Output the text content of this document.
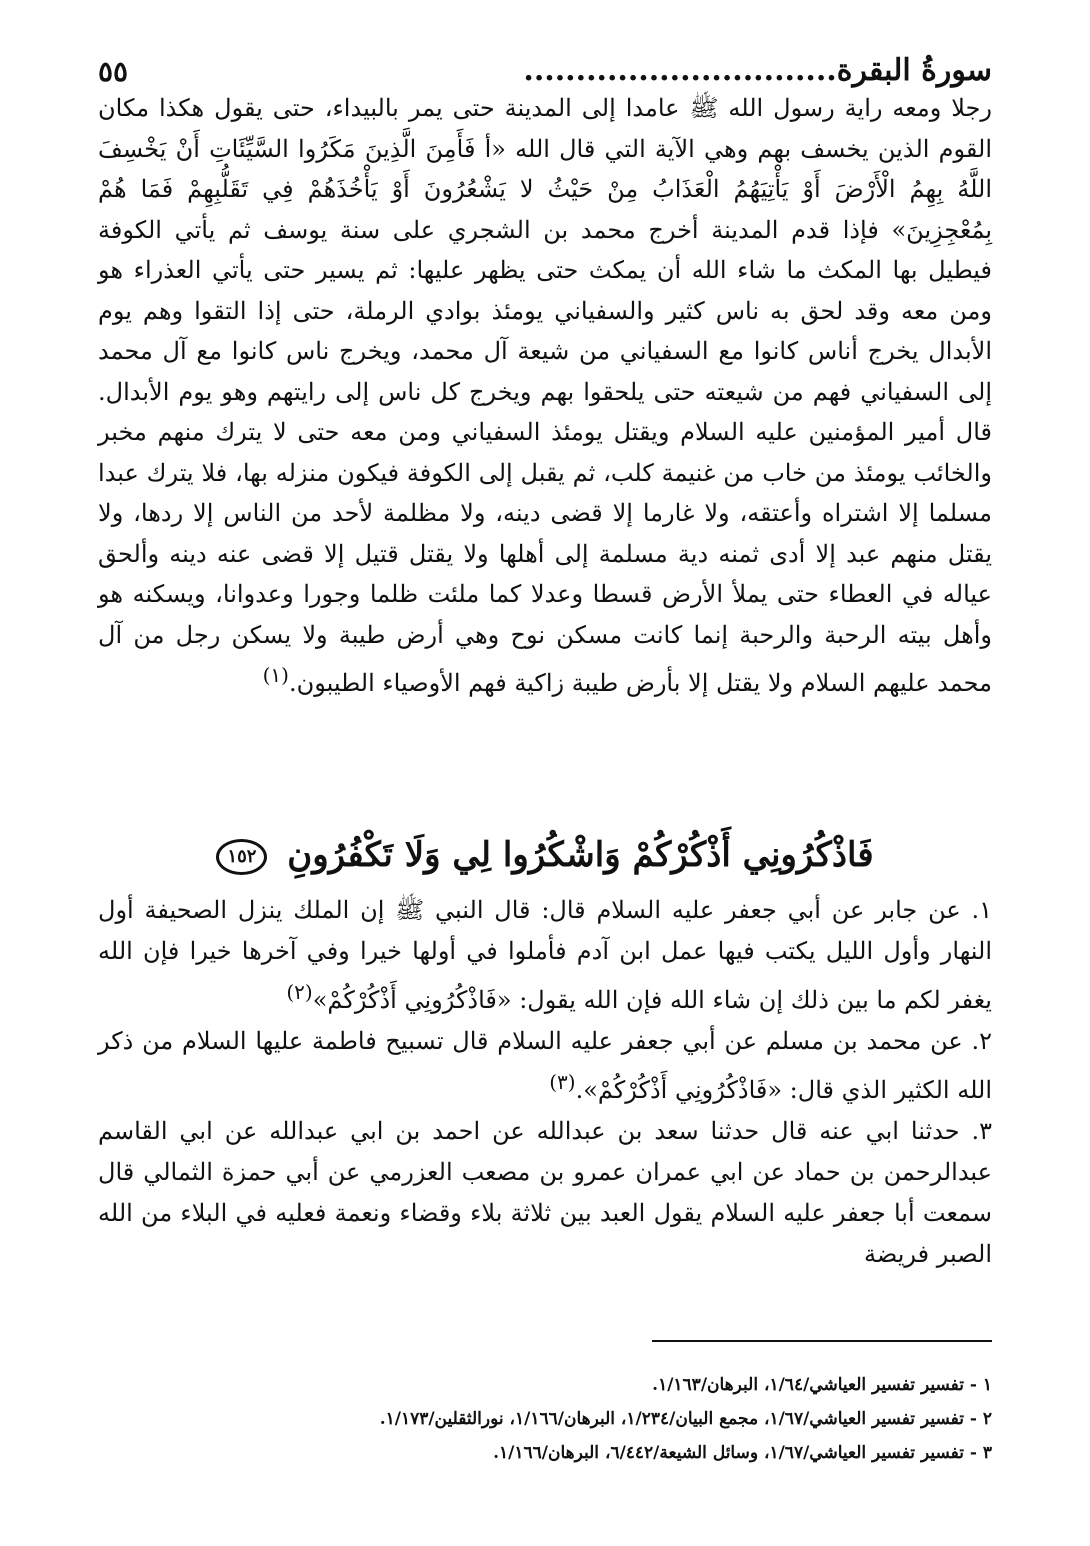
سورةُ البقرة..............................
٥٥

رجلا ومعه راية رسول الله ﷺ عامدا إلى المدينة حتى يمر بالبيداء، حتى يقول هكذا مكان القوم الذين يخسف بهم وهي الآية التي قال الله «أ فَأَمِنَ الَّذِينَ مَكَرُوا السَّيِّئَاتِ أَنْ يَخْسِفَ اللَّهُ بِهِمُ الْأَرْضَ أَوْ يَأْتِيَهُمُ الْعَذَابُ مِنْ حَيْثُ لا يَشْعُرُونَ أَوْ يَأْخُذَهُمْ فِي تَقَلُّبِهِمْ فَمَا هُمْ بِمُعْجِزِينَ» فإذا قدم المدينة أخرج محمد بن الشجري على سنة يوسف ثم يأتي الكوفة فيطيل بها المكث ما شاء الله أن يمكث حتى يظهر عليها: ثم يسير حتى يأتي العذراء هو ومن معه وقد لحق به ناس كثير والسفياني يومئذ بوادي الرملة، حتى إذا التقوا وهم يوم الأبدال يخرج أناس كانوا مع السفياني من شيعة آل محمد، ويخرج ناس كانوا مع آل محمد إلى السفياني فهم من شيعته حتى يلحقوا بهم ويخرج كل ناس إلى رايتهم وهو يوم الأبدال. قال أمير المؤمنين عليه السلام ويقتل يومئذ السفياني ومن معه حتى لا يترك منهم مخبر والخائب يومئذ من خاب من غنيمة كلب، ثم يقبل إلى الكوفة فيكون منزله بها، فلا يترك عبدا مسلما إلا اشتراه وأعتقه، ولا غارما إلا قضى دينه، ولا مظلمة لأحد من الناس إلا ردها، ولا يقتل منهم عبد إلا أدى ثمنه دية مسلمة إلى أهلها ولا يقتل قتيل إلا قضى عنه دينه وألحق عياله في العطاء حتى يملأ الأرض قسطا وعدلا كما ملئت ظلما وجورا وعدوانا، ويسكنه هو وأهل بيته الرحبة والرحبة إنما كانت مسكن نوح وهي أرض طيبة ولا يسكن رجل من آل محمد عليهم السلام ولا يقتل إلا بأرض طيبة زاكية فهم الأوصياء الطيبون.$^{(١)}$

فَاذْكُرُونِي أَذْكُرْكُمْ وَاشْكُرُوا لِي وَلَا تَكْفُرُونِ ١٥٢

١. عن جابر عن أبي جعفر عليه السلام قال: قال النبي ﷺ إن الملك ينزل الصحيفة أول النهار وأول الليل يكتب فيها عمل ابن آدم فأملوا في أولها خيرا وفي آخرها خيرا فإن الله يغفر لكم ما بين ذلك إن شاء الله فإن الله يقول: «فَاذْكُرُونِي أَذْكُرْكُمْ»$^{(٢)}$

٢. عن محمد بن مسلم عن أبي جعفر عليه السلام قال تسبيح فاطمة عليها السلام من ذكر الله الكثير الذي قال: «فَاذْكُرُونِي أَذْكُرْكُمْ».$^{(٣)}$

٣. حدثنا ابي عنه قال حدثنا سعد بن عبدالله عن احمد بن ابي عبدالله عن ابي القاسم عبدالرحمن بن حماد عن ابي عمران عمرو بن مصعب العزرمي عن أبي حمزة الثمالي قال سمعت أبا جعفر عليه السلام يقول العبد بين ثلاثة بلاء وقضاء ونعمة فعليه في البلاء من الله الصبر فريضة

١ - تفسير تفسير العياشي/١/٦٤، البرهان/١/١٦٣.
٢ - تفسير تفسير العياشي/١/٦٧، مجمع البيان/١/٢٣٤، البرهان/١/١٦٦، نورالثقلين/١/١٧٣.
٣ - تفسير تفسير العياشي/١/٦٧، وسائل الشيعة/٦/٤٤٢، البرهان/١/١٦٦.
